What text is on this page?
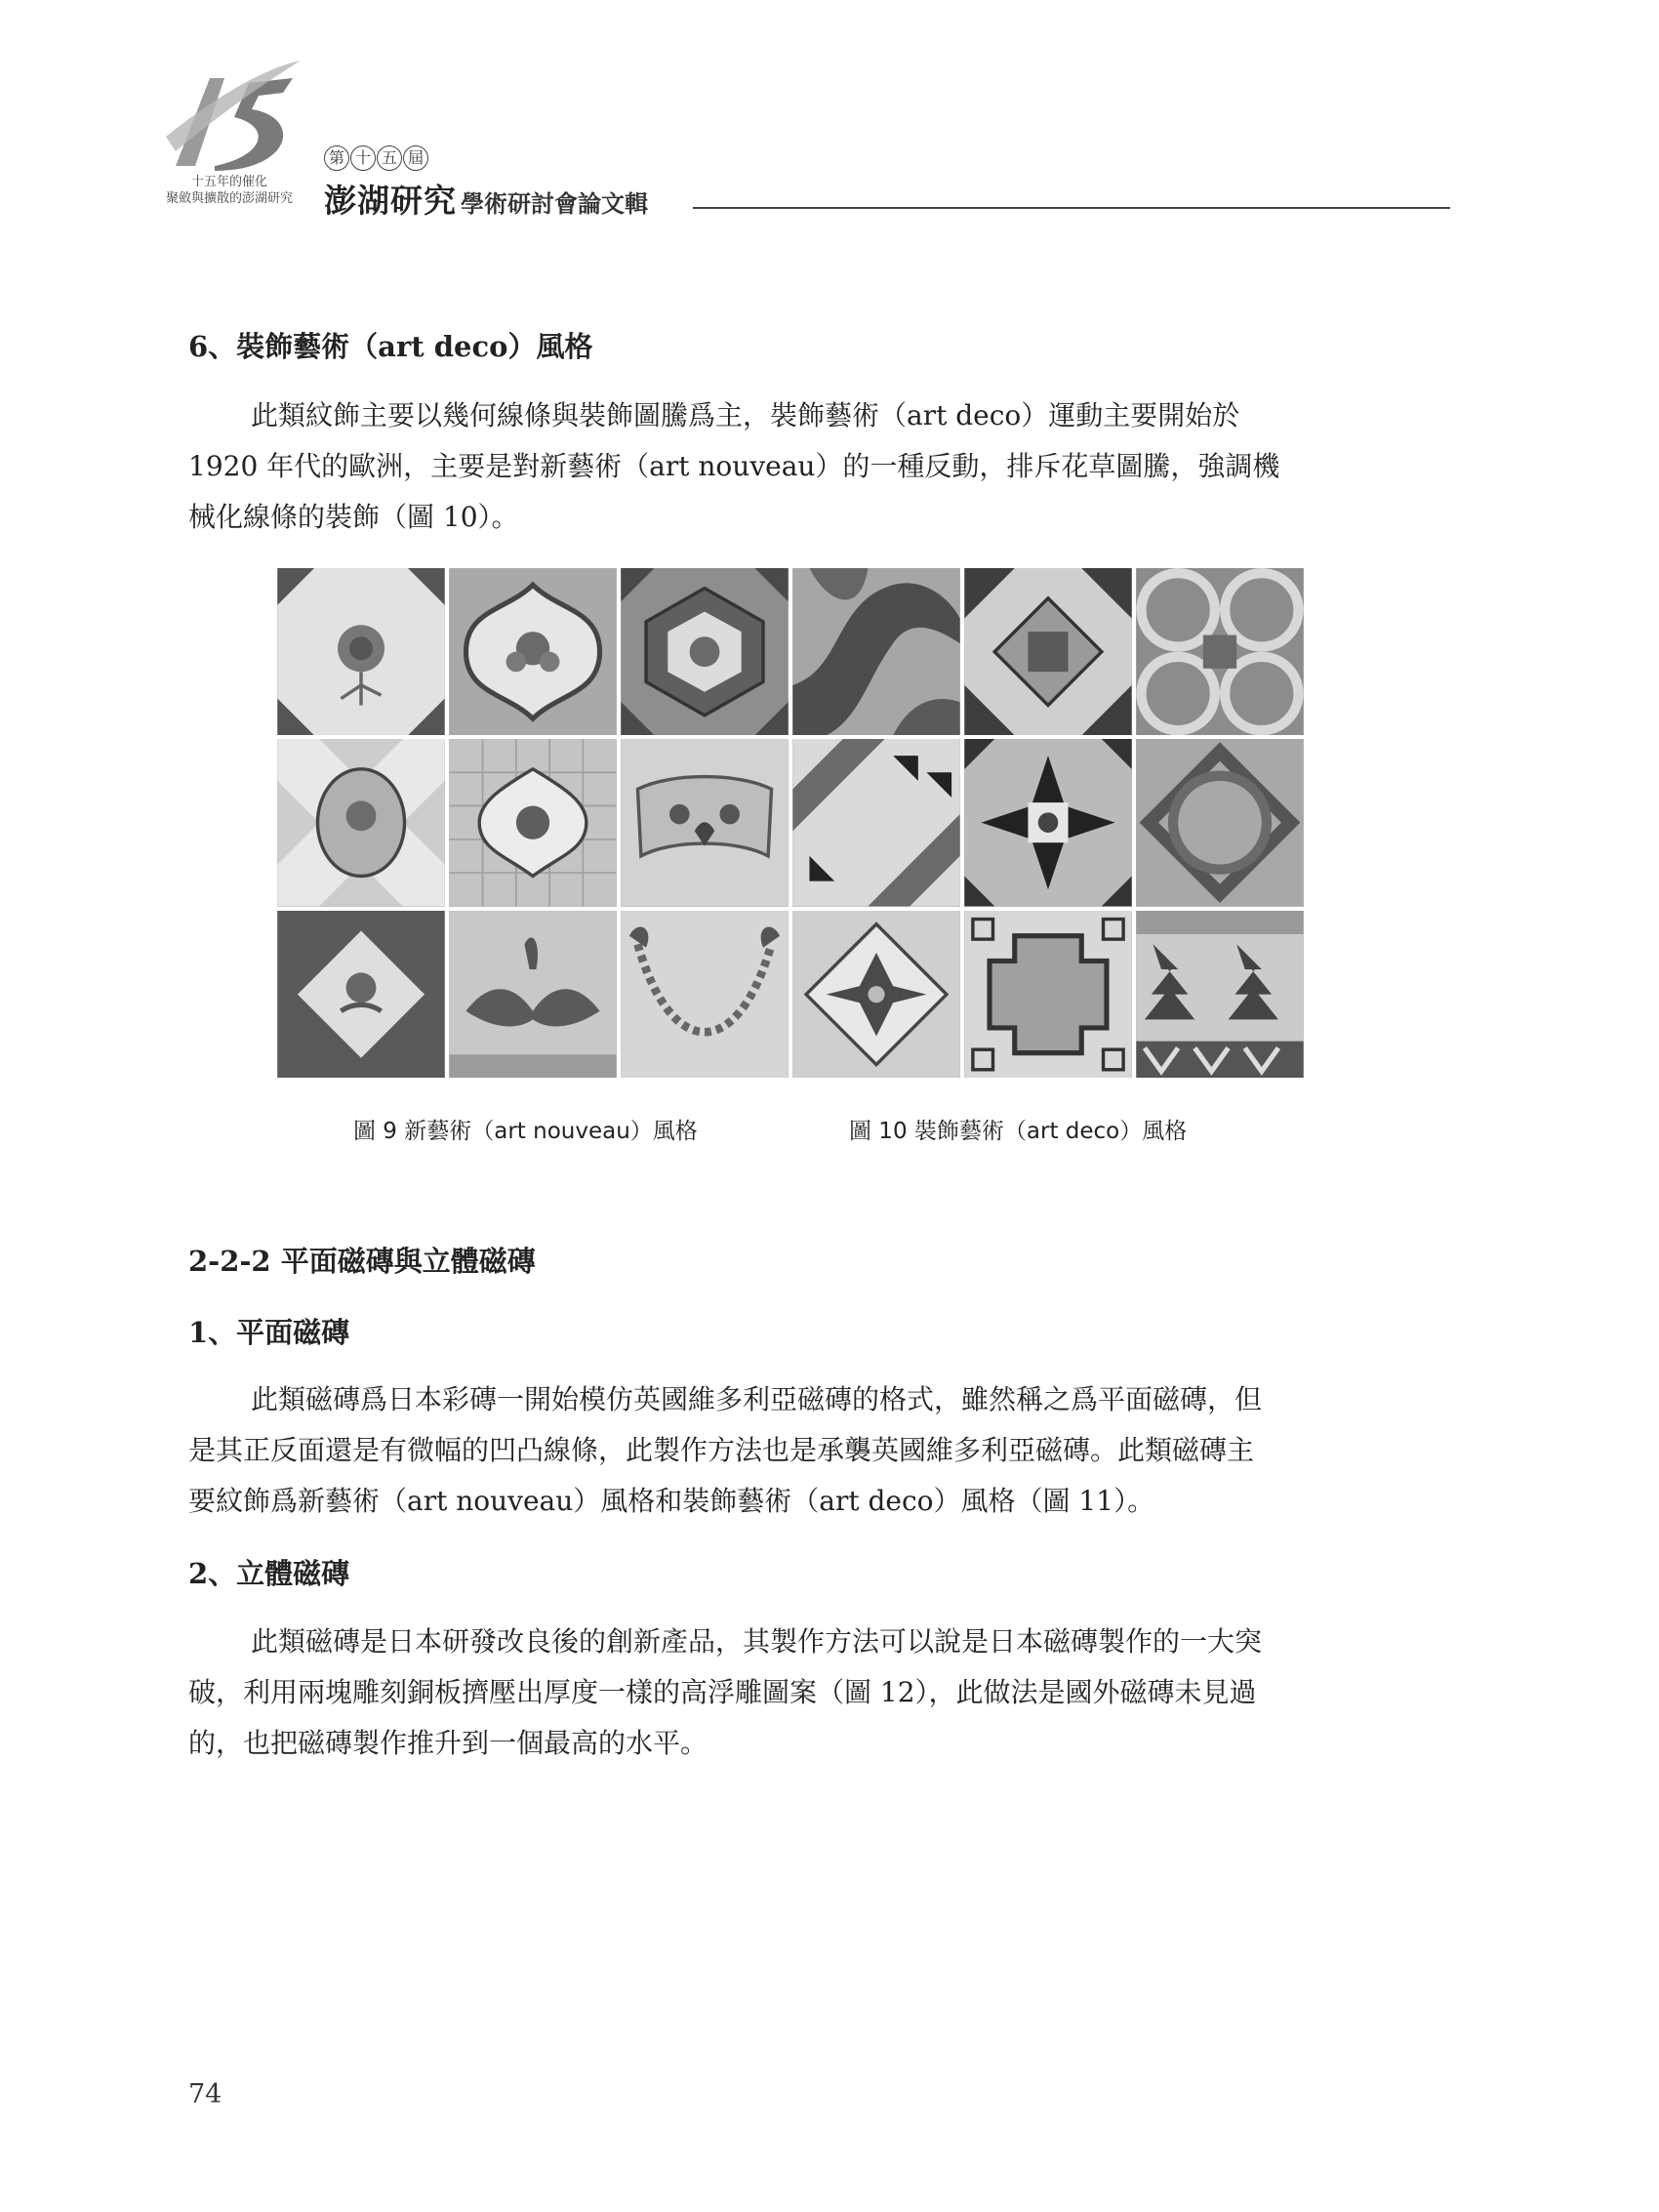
十五年的催化
聚斂與擴散的澎湖研究
第 十 五 屆
澎湖研究 學術研討會論文輯
6、裝飾藝術（art deco）風格
此類紋飾主要以幾何線條與裝飾圖騰爲主，裝飾藝術（art deco）運動主要開始於
1920 年代的歐洲，主要是對新藝術（art nouveau）的一種反動，排斥花草圖騰，強調機
械化線條的裝飾（圖 10）。
圖 9 新藝術（art nouveau）風格	圖 10 裝飾藝術（art deco）風格
2-2-2 平面磁磚與立體磁磚
1、平面磁磚
此類磁磚爲日本彩磚一開始模仿英國維多利亞磁磚的格式，雖然稱之爲平面磁磚，但
是其正反面還是有微幅的凹凸線條，此製作方法也是承襲英國維多利亞磁磚。此類磁磚主
要紋飾爲新藝術（art nouveau）風格和裝飾藝術（art deco）風格（圖 11）。
2、立體磁磚
此類磁磚是日本研發改良後的創新產品，其製作方法可以說是日本磁磚製作的一大突
破，利用兩塊雕刻銅板擠壓出厚度一樣的高浮雕圖案（圖 12），此做法是國外磁磚未見過
的，也把磁磚製作推升到一個最高的水平。
74
